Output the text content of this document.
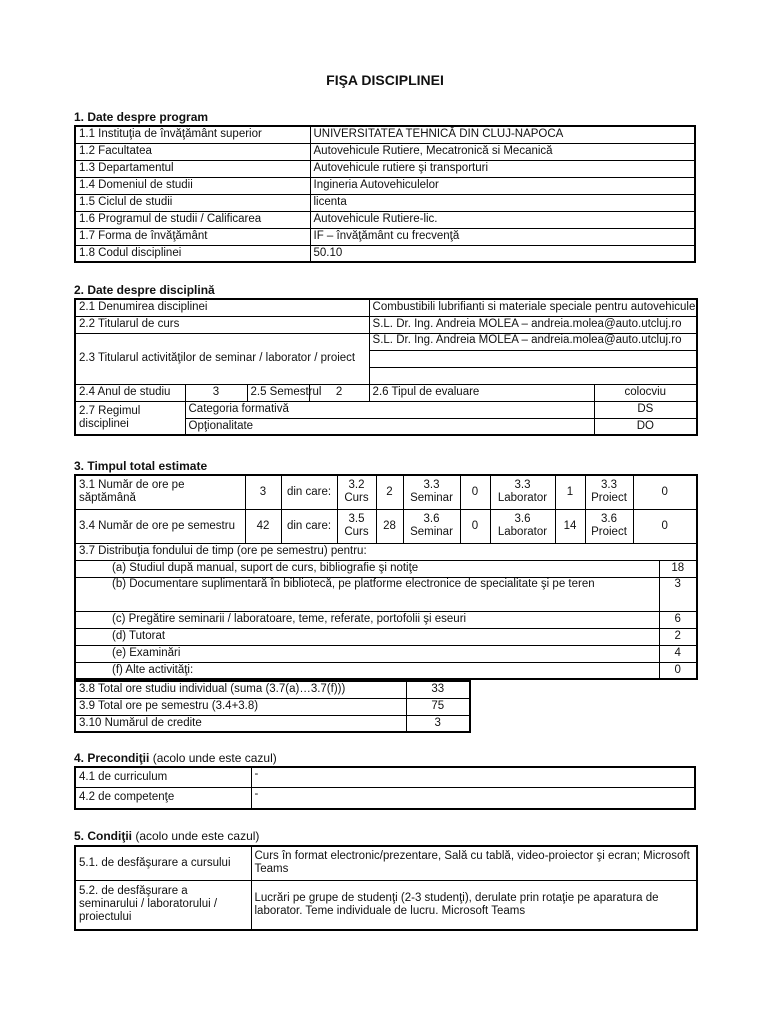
FIŞA DISCIPLINEI
1. Date despre program
1.1 Instituţia de învăţământ superior	UNIVERSITATEA TEHNICĂ DIN CLUJ-NAPOCA
1.2 Facultatea	Autovehicule Rutiere, Mecatronică si Mecanică
1.3 Departamentul	Autovehicule rutiere şi transporturi
1.4 Domeniul de studii	Ingineria Autovehiculelor
1.5 Ciclul de studii	licenta
1.6 Programul de studii / Calificarea	Autovehicule Rutiere-lic.
1.7 Forma de învăţământ	IF – învăţământ cu frecvenţă
1.8 Codul disciplinei	50.10
2. Date despre disciplină
2.1 Denumirea disciplinei				Combustibili lubrifianti si materiale speciale pentru autovehicule	
2.2 Titularul de curs				S.L. Dr. Ing. Andreia MOLEA – andreia.molea@auto.utcluj.ro	
2.3 Titularul activităţilor de seminar / laborator / proiect				S.L. Dr. Ing. Andreia MOLEA – andreia.molea@auto.utcluj.ro	

2.4 Anul de studiu	3	2.5 Semestrul	2	2.6 Tipul de evaluare	colocviu
2.7 Regimul disciplinei	Categoria formativă				DS
	Opţionalitate				DO
3. Timpul total estimate
3.1 Număr de ore pe săptămână	3	din care:	3.2 Curs	2	3.3 Seminar	0	3.3 Laborator	1	3.3 Proiect	0	
3.4 Număr de ore pe semestru	42	din care:	3.5 Curs	28	3.6 Seminar	0	3.6 Laborator	14	3.6 Proiect	0	
3.7 Distribuţia fondului de timp (ore pe semestru) pentru:											
(a) Studiul după manual, suport de curs, bibliografie şi notiţe											18
(b) Documentare suplimentară în bibliotecă, pe platforme electronice de specialitate şi pe teren											3
(c) Pregătire seminarii / laboratoare, teme, referate, portofolii şi eseuri											6
(d) Tutorat											2
(e) Examinări											4
(f) Alte activităţi:											0
3.8 Total ore studiu individual (suma (3.7(a)…3.7(f)))	33
3.9 Total ore pe semestru (3.4+3.8)	75
3.10 Numărul de credite	3
4. Precondiţii (acolo unde este cazul)
4.1 de curriculum	-
4.2 de competenţe	-
5. Condiţii (acolo unde este cazul)
5.1. de desfăşurare a cursului	Curs în format electronic/prezentare, Sală cu tablă, video-proiector şi ecran; Microsoft Teams
5.2. de desfăşurare a seminarului / laboratorului / proiectului	Lucrări pe grupe de studenţi (2-3 studenţi), derulate prin rotaţie pe aparatura de laborator. Teme individuale de lucru. Microsoft Teams
